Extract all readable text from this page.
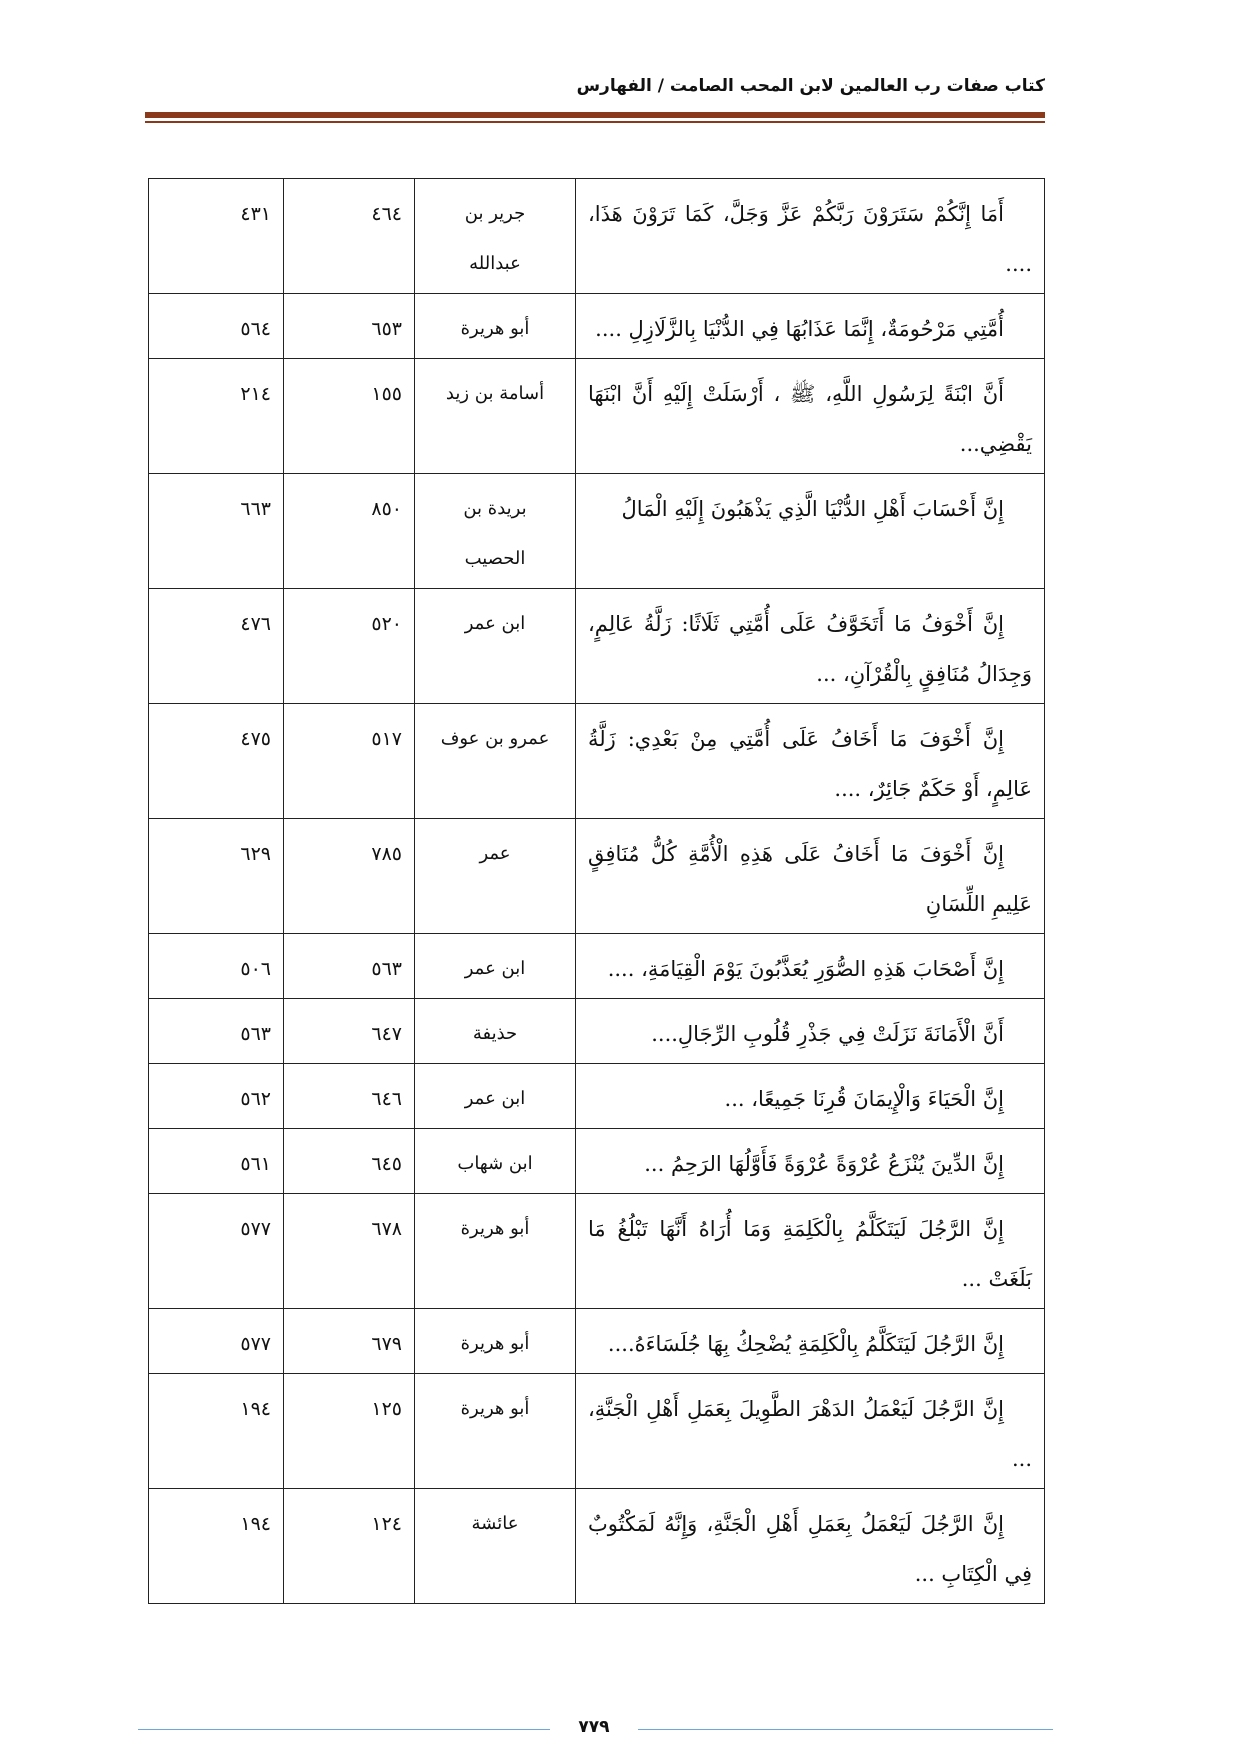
كتاب صفات رب العالمين لابن المحب الصامت / الفهارس
أَمَا إِنَّكُمْ سَتَرَوْنَ رَبَّكُمْ عَزَّ وَجَلَّ، كَمَا تَرَوْنَ هَذَا، ....	جرير بن عبدالله	٤٦٤	٤٣١

أُمَّتِي مَرْحُومَةٌ، إِنَّمَا عَذَابُهَا فِي الدُّنْيَا بِالزَّلَازِلِ ....	أبو هريرة	٦٥٣	٥٦٤

أَنَّ ابْنَةً لِرَسُولِ اللَّهِ، ﷺ ، أَرْسَلَتْ إِلَيْهِ أَنَّ ابْنَهَا يَقْضِي...	أسامة بن زيد	١٥٥	٢١٤

إِنَّ أَحْسَابَ أَهْلِ الدُّنْيَا الَّذِي يَذْهَبُونَ إِلَيْهِ الْمَالُ	بريدة بن الحصيب	٨٥٠	٦٦٣

إِنَّ أَخْوَفُ مَا أَتَخَوَّفُ عَلَى أُمَّتِي ثَلَاثًا: زَلَّةُ عَالِمٍ، وَجِدَالُ مُنَافِقٍ بِالْقُرْآنِ، ...	ابن عمر	٥٢٠	٤٧٦

إِنَّ أَخْوَفَ مَا أَخَافُ عَلَى أُمَّتِي مِنْ بَعْدِي: زَلَّةُ عَالِمٍ، أَوْ حَكَمٌ جَائِرٌ، ....	عمرو بن عوف	٥١٧	٤٧٥

إِنَّ أَخْوَفَ مَا أَخَافُ عَلَى هَذِهِ الْأُمَّةِ كُلُّ مُنَافِقٍ عَلِيمِ اللِّسَانِ	عمر	٧٨٥	٦٢٩

إِنَّ أَصْحَابَ هَذِهِ الصُّوَرِ يُعَذَّبُونَ يَوْمَ الْقِيَامَةِ، ....	ابن عمر	٥٦٣	٥٠٦

أَنَّ الْأَمَانَةَ نَزَلَتْ فِي جَذْرِ قُلُوبِ الرِّجَالِ....	حذيفة	٦٤٧	٥٦٣

إِنَّ الْحَيَاءَ وَالْإِيمَانَ قُرِنَا جَمِيعًا، ...	ابن عمر	٦٤٦	٥٦٢

إِنَّ الدِّينَ يُنْزَعُ عُرْوَةً عُرْوَةً فَأَوَّلُهَا الرَحِمُ ...	ابن شهاب	٦٤٥	٥٦١

إِنَّ الرَّجُلَ لَيَتَكَلَّمُ بِالْكَلِمَةِ وَمَا أُرَاهُ أَنَّهَا تَبْلُغُ مَا بَلَغَتْ ...	أبو هريرة	٦٧٨	٥٧٧

إِنَّ الرَّجُلَ لَيَتَكَلَّمُ بِالْكَلِمَةِ يُضْحِكُ بِهَا جُلَسَاءَهُ....	أبو هريرة	٦٧٩	٥٧٧

إِنَّ الرَّجُلَ لَيَعْمَلُ الدَهْرَ الطَّوِيلَ بِعَمَلِ أَهْلِ الْجَنَّةِ، ...	أبو هريرة	١٢٥	١٩٤

إِنَّ الرَّجُلَ لَيَعْمَلُ بِعَمَلِ أَهْلِ الْجَنَّةِ، وَإِنَّهُ لَمَكْتُوبٌ فِي الْكِتَابِ ...	عائشة	١٢٤	١٩٤
٧٧٩
